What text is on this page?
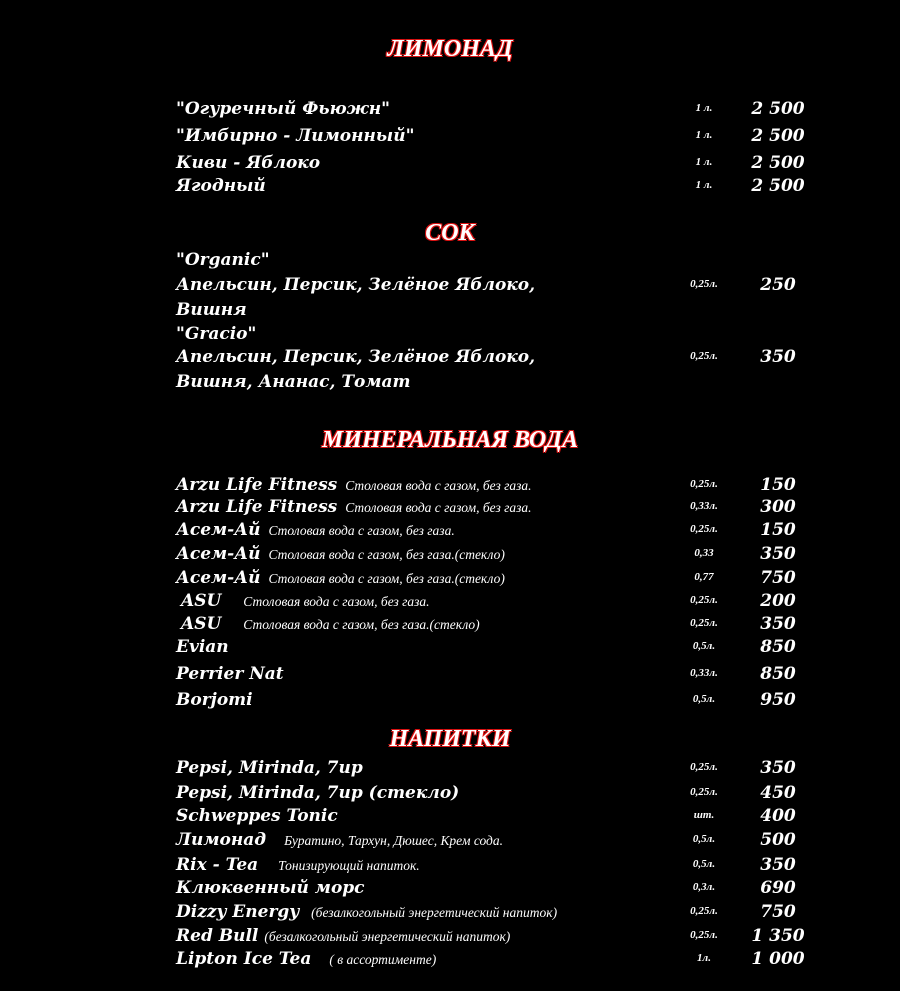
ЛИМОНАД
"Огуречный Фьюжн"	1 л.	2 500
"Имбирно - Лимонный"	1 л.	2 500
Киви - Яблоко	1 л.	2 500
Ягодный	1 л.	2 500
СОК
"Organic"
Апельсин, Персик, Зелёное Яблоко,	0,25л.	250
Вишня
"Gracio"
Апельсин, Персик, Зелёное Яблоко,	0,25л.	350
Вишня, Ананас, Томат
МИНЕРАЛЬНАЯ ВОДА
Arzu Life Fitness Столовая вода с газом, без газа.	0,25л.	150
Arzu Life Fitness Столовая вода с газом, без газа.	0,33л.	300
Асем-Ай Столовая вода с газом, без газа.	0,25л.	150
Асем-Ай Столовая вода с газом, без газа.(стекло)	0,33	350
Асем-Ай Столовая вода с газом, без газа.(стекло)	0,77	750
ASU Столовая вода с газом, без газа.	0,25л.	200
ASU Столовая вода с газом, без газа.(стекло)	0,25л.	350
Evian	0,5л.	850
Perrier Nat	0,33л.	850
Borjomi	0,5л.	950
НАПИТКИ
Pepsi, Mirinda, 7up	0,25л.	350
Pepsi, Mirinda, 7up (стекло)	0,25л.	450
Schweppes Tonic	шт.	400
Лимонад Буратино, Тархун, Дюшес, Крем сода.	0,5л.	500
Rix - Tea Тонизирующий напиток.	0,5л.	350
Клюквенный морс	0,3л.	690
Dizzy Energy (безалкогольный энергетический напиток)	0,25л.	750
Red Bull (безалкогольный энергетический напиток)	0,25л.	1 350
Lipton Ice Tea ( в ассортименте)	1л.	1 000
